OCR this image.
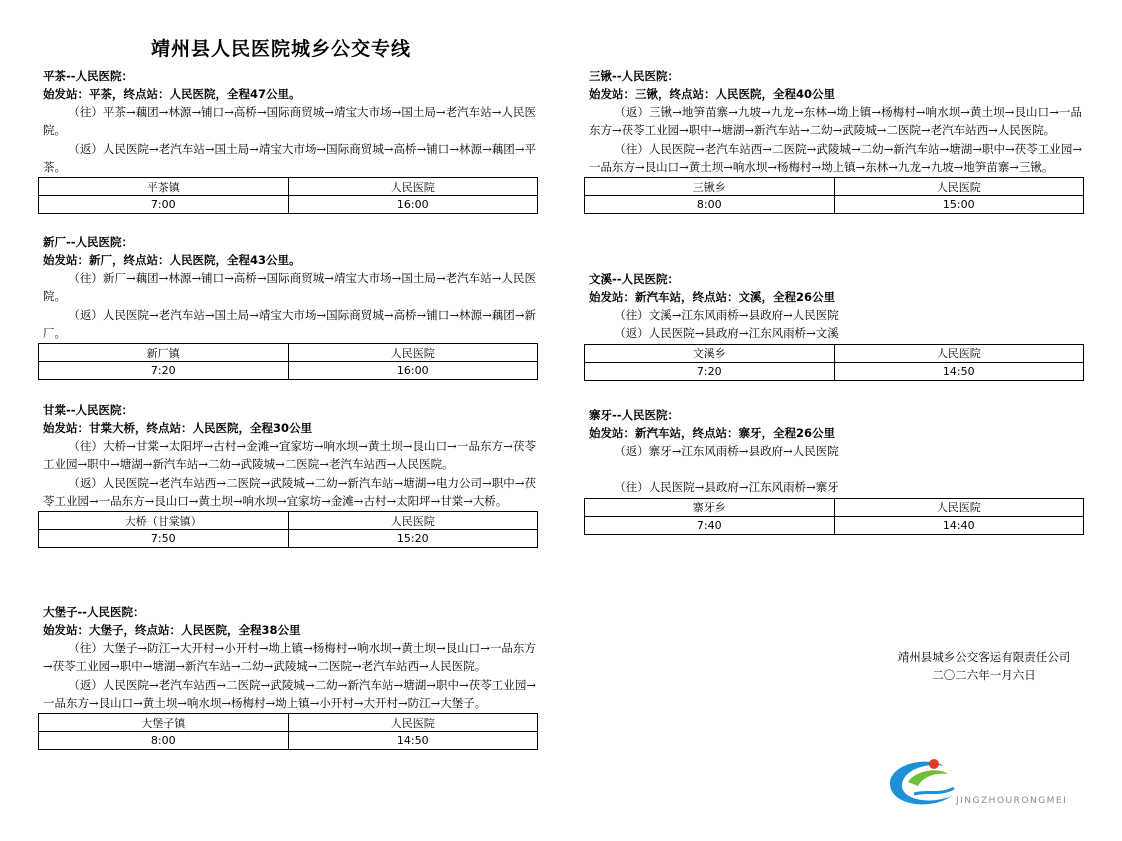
靖州县人民医院城乡公交专线
平茶--人民医院：
始发站：平茶，终点站：人民医院，全程47公里。
（往）平茶→藕团→林源→铺口→高桥→国际商贸城→靖宝大市场→国土局→老汽车站→人民医院。
（返）人民医院→老汽车站→国土局→靖宝大市场→国际商贸城→高桥→铺口→林源→藕团→平茶。
平茶镇	人民医院
7:00	16:00
新厂--人民医院：
始发站：新厂，终点站：人民医院，全程43公里。
（往）新厂→藕团→林源→铺口→高桥→国际商贸城→靖宝大市场→国土局→老汽车站→人民医院。
（返）人民医院→老汽车站→国土局→靖宝大市场→国际商贸城→高桥→铺口→林源→藕团→新厂。
新厂镇	人民医院
7:20	16:00
甘棠--人民医院：
始发站：甘棠大桥，终点站：人民医院，全程30公里
（往）大桥→甘棠→太阳坪→古村→金滩→宜家坊→响水坝→黄土坝→艮山口→一品东方→茯苓工业园→职中→塘湖→新汽车站→二幼→武陵城→二医院→老汽车站西→人民医院。
（返）人民医院→老汽车站西→二医院→武陵城→二幼→新汽车站→塘湖→电力公司→职中→茯苓工业园→一品东方→艮山口→黄土坝→响水坝→宜家坊→金滩→古村→太阳坪→甘棠→大桥。
大桥（甘棠镇）	人民医院
7:50	15:20
大堡子--人民医院：
始发站：大堡子，终点站：人民医院，全程38公里
（往）大堡子→防江→大开村→小开村→坳上镇→杨梅村→响水坝→黄土坝→艮山口→一品东方→茯苓工业园→职中→塘湖→新汽车站→二幼→武陵城→二医院→老汽车站西→人民医院。
（返）人民医院→老汽车站西→二医院→武陵城→二幼→新汽车站→塘湖→职中→茯苓工业园→一品东方→艮山口→黄土坝→响水坝→杨梅村→坳上镇→小开村→大开村→防江→大堡子。
大堡子镇	人民医院
8:00	14:50
三锹--人民医院：
始发站：三锹，终点站：人民医院，全程40公里
（返）三锹→地笋苗寨→九坡→九龙→东林→坳上镇→杨梅村→响水坝→黄土坝→艮山口→一品东方→茯苓工业园→职中→塘湖→新汽车站→二幼→武陵城→二医院→老汽车站西→人民医院。
（往）人民医院→老汽车站西→二医院→武陵城→二幼→新汽车站→塘湖→职中→茯苓工业园→一品东方→艮山口→黄土坝→响水坝→杨梅村→坳上镇→东林→九龙→九坡→地笋苗寨→三锹。
三锹乡	人民医院
8:00	15:00
文溪--人民医院：
始发站：新汽车站，终点站：文溪，全程26公里
（往）文溪→江东风雨桥→县政府→人民医院
（返）人民医院→县政府→江东风雨桥→文溪
文溪乡	人民医院
7:20	14:50
寨牙--人民医院：
始发站：新汽车站，终点站：寨牙，全程26公里
（返）寨牙→江东风雨桥→县政府→人民医院
（往）人民医院→县政府→江东风雨桥→寨牙
寨牙乡	人民医院
7:40	14:40
靖州县城乡公交客运有限责任公司
二〇二六年一月六日
JINGZHOURONGMEI
